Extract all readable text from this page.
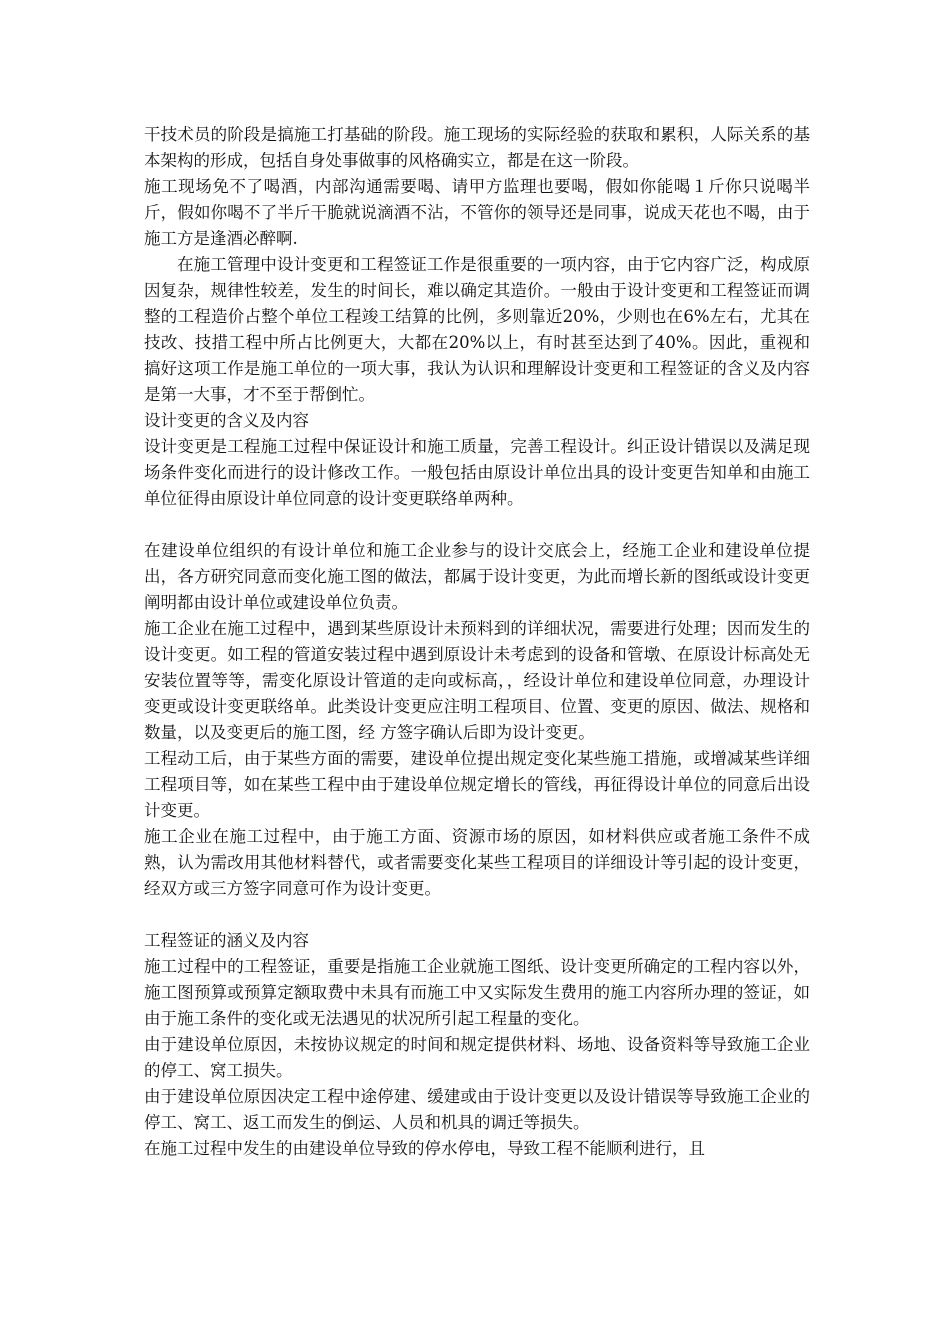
干技术员的阶段是搞施工打基础的阶段。施工现场的实际经验的获取和累积，人际关系的基本架构的形成，包括自身处事做事的风格确实立，都是在这一阶段。

施工现场免不了喝酒，内部沟通需要喝、请甲方监理也要喝，假如你能喝１斤你只说喝半斤，假如你喝不了半斤干脆就说滴酒不沾，不管你的领导还是同事，说成天花也不喝，由于施工方是逢酒必醉啊.

在施工管理中设计变更和工程签证工作是很重要的一项内容，由于它内容广泛，构成原因复杂，规律性较差，发生的时间长，难以确定其造价。一般由于设计变更和工程签证而调整的工程造价占整个单位工程竣工结算的比例，多则靠近20%，少则也在6%左右，尤其在技改、技措工程中所占比例更大，大都在20%以上，有时甚至达到了40%。因此，重视和搞好这项工作是施工单位的一项大事，我认为认识和理解设计变更和工程签证的含义及内容是第一大事，才不至于帮倒忙。

设计变更的含义及内容

设计变更是工程施工过程中保证设计和施工质量，完善工程设计。纠正设计错误以及满足现场条件变化而进行的设计修改工作。一般包括由原设计单位出具的设计变更告知单和由施工单位征得由原设计单位同意的设计变更联络单两种。

在建设单位组织的有设计单位和施工企业参与的设计交底会上，经施工企业和建设单位提出，各方研究同意而变化施工图的做法，都属于设计变更，为此而增长新的图纸或设计变更阐明都由设计单位或建设单位负责。

施工企业在施工过程中，遇到某些原设计未预料到的详细状况，需要进行处理；因而发生的设计变更。如工程的管道安装过程中遇到原设计未考虑到的设备和管墩、在原设计标高处无安装位置等等，需变化原设计管道的走向或标高，，经设计单位和建设单位同意，办理设计变更或设计变更联络单。此类设计变更应注明工程项目、位置、变更的原因、做法、规格和数量，以及变更后的施工图，经 方签字确认后即为设计变更。

工程动工后，由于某些方面的需要，建设单位提出规定变化某些施工措施，或增减某些详细工程项目等，如在某些工程中由于建设单位规定增长的管线，再征得设计单位的同意后出设计变更。

施工企业在施工过程中，由于施工方面、资源市场的原因，如材料供应或者施工条件不成熟，认为需改用其他材料替代，或者需要变化某些工程项目的详细设计等引起的设计变更，经双方或三方签字同意可作为设计变更。

工程签证的涵义及内容

施工过程中的工程签证，重要是指施工企业就施工图纸、设计变更所确定的工程内容以外，施工图预算或预算定额取费中未具有而施工中又实际发生费用的施工内容所办理的签证，如由于施工条件的变化或无法遇见的状况所引起工程量的变化。

由于建设单位原因，未按协议规定的时间和规定提供材料、场地、设备资料等导致施工企业的停工、窝工损失。

由于建设单位原因决定工程中途停建、缓建或由于设计变更以及设计错误等导致施工企业的停工、窝工、返工而发生的倒运、人员和机具的调迁等损失。

在施工过程中发生的由建设单位导致的停水停电，导致工程不能顺利进行，且
